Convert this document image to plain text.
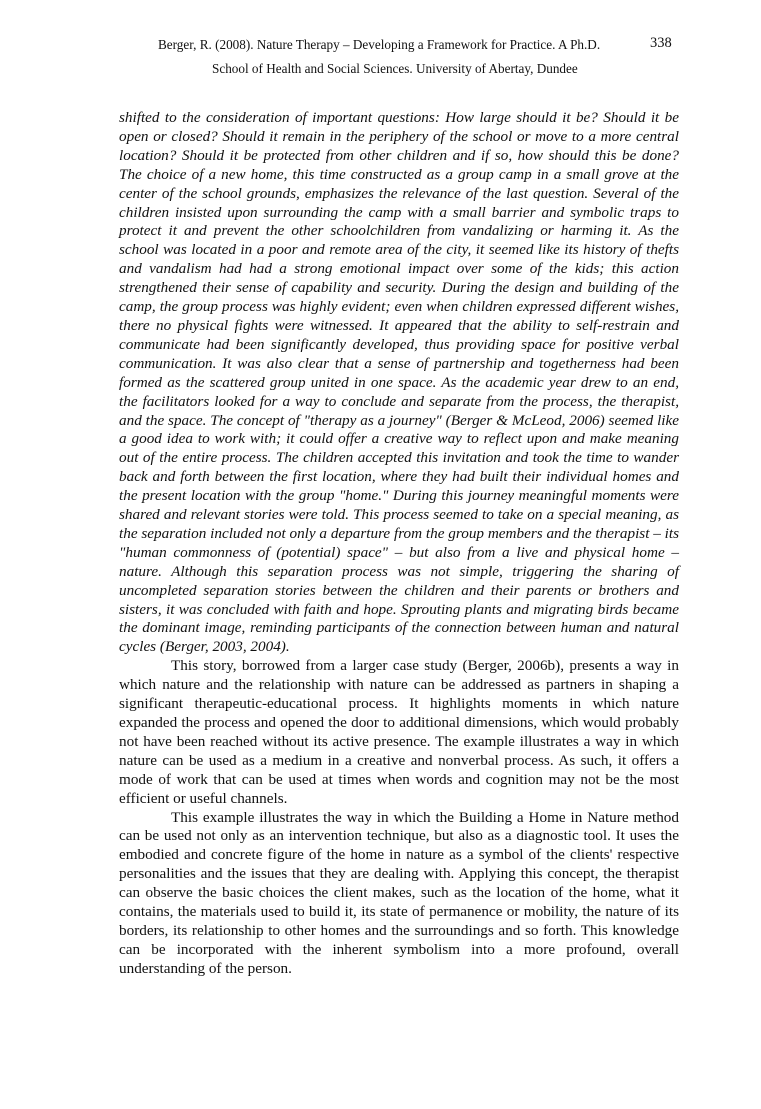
Berger, R. (2008). Nature Therapy – Developing a Framework for Practice. A Ph.D.	338
School of Health and Social Sciences. University of Abertay, Dundee

shifted to the consideration of important questions: How large should it be? Should it be open or closed? Should it remain in the periphery of the school or move to a more central location? Should it be protected from other children and if so, how should this be done? The choice of a new home, this time constructed as a group camp in a small grove at the center of the school grounds, emphasizes the relevance of the last question. Several of the children insisted upon surrounding the camp with a small barrier and symbolic traps to protect it and prevent the other schoolchildren from vandalizing or harming it. As the school was located in a poor and remote area of the city, it seemed like its history of thefts and vandalism had had a strong emotional impact over some of the kids; this action strengthened their sense of capability and security. During the design and building of the camp, the group process was highly evident; even when children expressed different wishes, there no physical fights were witnessed. It appeared that the ability to self-restrain and communicate had been significantly developed, thus providing space for positive verbal communication. It was also clear that a sense of partnership and togetherness had been formed as the scattered group united in one space. As the academic year drew to an end, the facilitators looked for a way to conclude and separate from the process, the therapist, and the space. The concept of "therapy as a journey" (Berger & McLeod, 2006) seemed like a good idea to work with; it could offer a creative way to reflect upon and make meaning out of the entire process. The children accepted this invitation and took the time to wander back and forth between the first location, where they had built their individual homes and the present location with the group "home." During this journey meaningful moments were shared and relevant stories were told. This process seemed to take on a special meaning, as the separation included not only a departure from the group members and the therapist – its "human commonness of (potential) space" – but also from a live and physical home – nature. Although this separation process was not simple, triggering the sharing of uncompleted separation stories between the children and their parents or brothers and sisters, it was concluded with faith and hope. Sprouting plants and migrating birds became the dominant image, reminding participants of the connection between human and natural cycles (Berger, 2003, 2004).

This story, borrowed from a larger case study (Berger, 2006b), presents a way in which nature and the relationship with nature can be addressed as partners in shaping a significant therapeutic-educational process. It highlights moments in which nature expanded the process and opened the door to additional dimensions, which would probably not have been reached without its active presence. The example illustrates a way in which nature can be used as a medium in a creative and nonverbal process. As such, it offers a mode of work that can be used at times when words and cognition may not be the most efficient or useful channels.

This example illustrates the way in which the Building a Home in Nature method can be used not only as an intervention technique, but also as a diagnostic tool. It uses the embodied and concrete figure of the home in nature as a symbol of the clients' respective personalities and the issues that they are dealing with. Applying this concept, the therapist can observe the basic choices the client makes, such as the location of the home, what it contains, the materials used to build it, its state of permanence or mobility, the nature of its borders, its relationship to other homes and the surroundings and so forth. This knowledge can be incorporated with the inherent symbolism into a more profound, overall understanding of the person.
